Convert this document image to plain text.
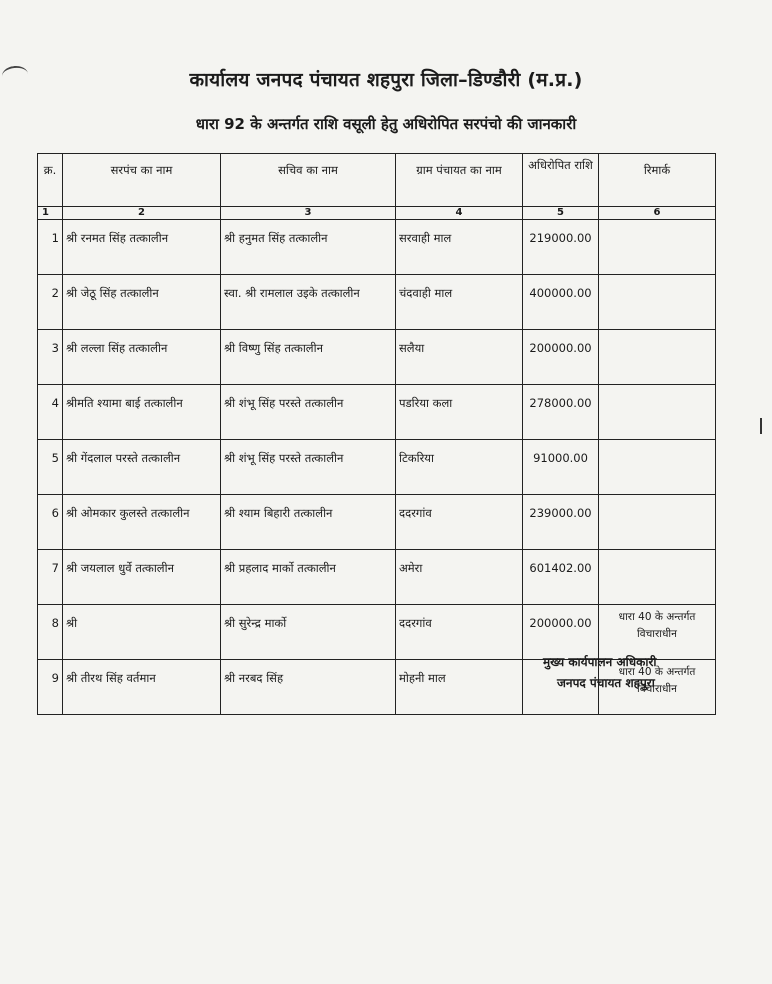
कार्यालय जनपद पंचायत शहपुरा जिला–डिण्डौरी (म.प्र.)
धारा 92 के अन्तर्गत राशि वसूली हेतु अधिरोपित सरपंचो की जानकारी
क्र.	सरपंच का नाम	सचिव का नाम	ग्राम पंचायत का नाम	अधिरोपित राशि	रिमार्क
1	2	3	4	5	6
1	श्री रनमत सिंह तत्कालीन	श्री हनुमत सिंह तत्कालीन	सरवाही माल	219000.00	
2	श्री जेठू सिंह तत्कालीन	स्वा. श्री रामलाल उइके तत्कालीन	चंदवाही माल	400000.00	
3	श्री लल्ला सिंह तत्कालीन	श्री विष्णु सिंह तत्कालीन	सलैया	200000.00	
4	श्रीमति श्यामा बाई तत्कालीन	श्री शंभू सिंह परस्ते तत्कालीन	पडरिया कला	278000.00	
5	श्री गेंदलाल परस्ते तत्कालीन	श्री शंभू सिंह परस्ते तत्कालीन	टिकरिया	91000.00	
6	श्री ओमकार कुलस्ते तत्कालीन	श्री श्याम बिहारी तत्कालीन	ददरगांव	239000.00	
7	श्री जयलाल धुर्वे तत्कालीन	श्री प्रहलाद मार्को तत्कालीन	अमेरा	601402.00	
8	श्री	श्री सुरेन्द्र मार्को	ददरगांव	200000.00	धारा 40 के अन्तर्गत विचाराधीन
9	श्री तीरथ सिंह वर्तमान	श्री नरबद सिंह	मोहनी माल		धारा 40 के अन्तर्गत विचाराधीन
मुख्य कार्यपालन अधिकारी
जनपद पंचायत शहपुरा
